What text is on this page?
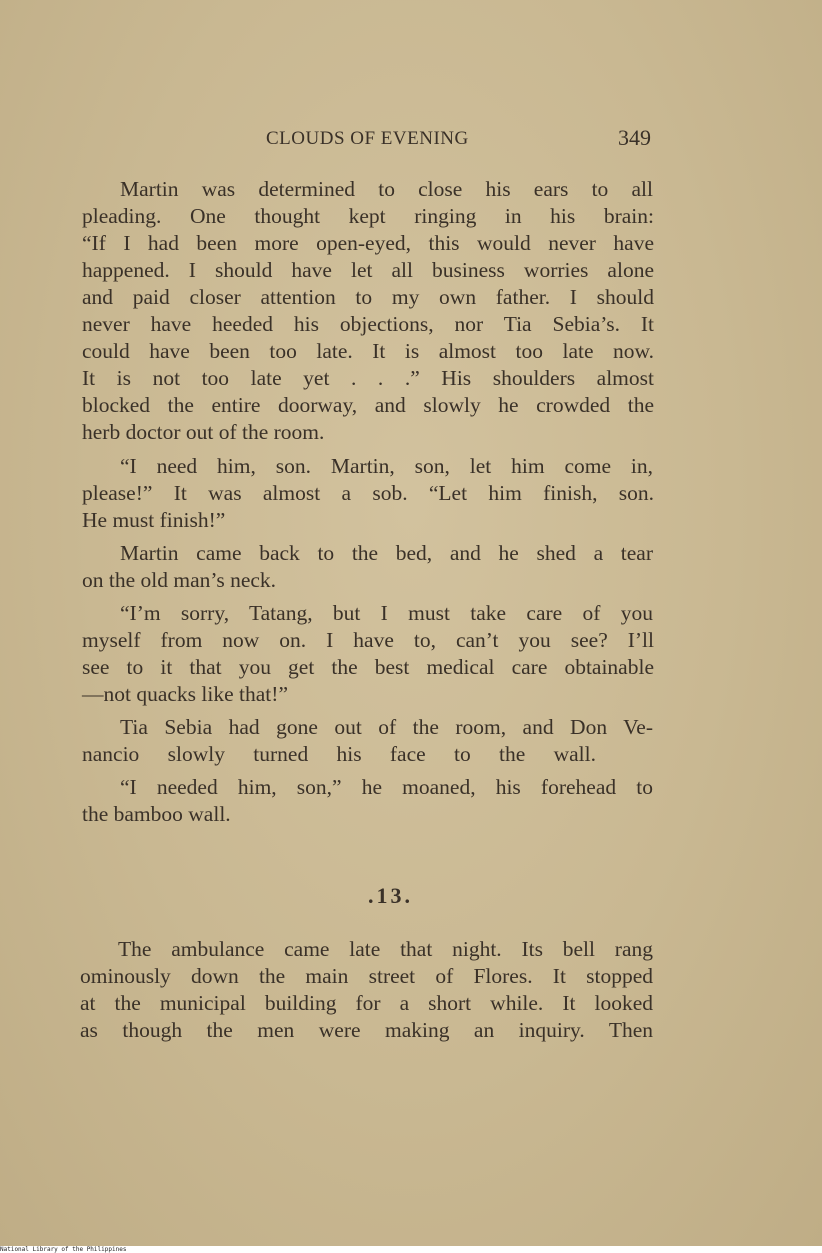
CLOUDS OF EVENING	349
Martin was determined to close his ears to all
pleading. One thought kept ringing in his brain:
“If I had been more open-eyed, this would never have
happened. I should have let all business worries alone
and paid closer attention to my own father. I should
never have heeded his objections, nor Tia Sebia’s. It
could have been too late. It is almost too late now.
It is not too late yet . . .” His shoulders almost
blocked the entire doorway, and slowly he crowded the
herb doctor out of the room.
“I need him, son. Martin, son, let him come in,
please!” It was almost a sob. “Let him finish, son.
He must finish!”
Martin came back to the bed, and he shed a tear
on the old man’s neck.
“I’m sorry, Tatang, but I must take care of you
myself from now on. I have to, can’t you see? I’ll
see to it that you get the best medical care obtainable
—not quacks like that!”
Tia Sebia had gone out of the room, and Don Ve-
nancio slowly turned his face to the wall.
“I needed him, son,” he moaned, his forehead to
the bamboo wall.
.13.
The ambulance came late that night. Its bell rang
ominously down the main street of Flores. It stopped
at the municipal building for a short while. It looked
as though the men were making an inquiry. Then
National Library of the Philippines
